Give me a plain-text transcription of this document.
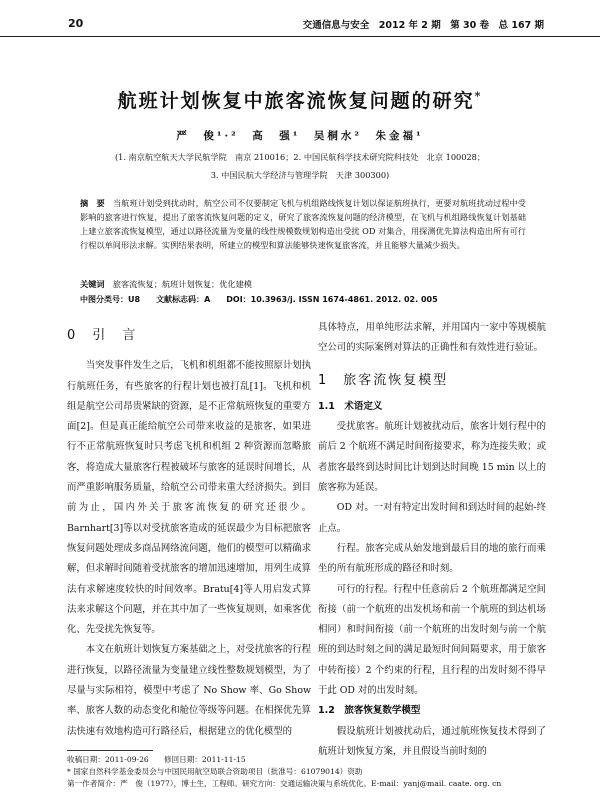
20	交通信息与安全　2012 年 2 期　第 30 卷　总 167 期
航班计划恢复中旅客流恢复问题的研究*
严　俊¹·²　高　强¹　吴桐水²　朱金福¹
(1. 南京航空航天大学民航学院　南京 210016；2. 中国民航科学技术研究院科技处　北京 100028；
3. 中国民航大学经济与管理学院　天津 300300)
摘　要　 当航班计划受到扰动时，航空公司不仅要制定飞机与机组路线恢复计划以保证航班执行，更要对航班扰动过程中受影响的旅客进行恢复，提出了旅客流恢复问题的定义，研究了旅客流恢复问题的经济模型，在飞机与机组路线恢复计划基础上建立旅客流恢复模型，通过以路径流量为变量的线性规模数规划构造出受扰 OD 对集合，用探测优先算法构造出所有可行行程以单间形法求解。实例结果表明，所建立的模型和算法能够快速恢复旅客流，并且能够大量减少损失。
关键词　 旅客流恢复；航班计划恢复；优化建模
中图分类号：U8　　 文献标志码：A　　 DOI：10.3963/j. ISSN 1674-4861. 2012. 02. 005
0　引　言

当突发事件发生之后，飞机和机组都不能按照原计划执行航班任务，有些旅客的行程计划也被打乱[1]。飞机和机组是航空公司昂贵紧缺的资源，是不正常航班恢复的重要方面[2]。但是真正能给航空公司带来收益的是旅客，如果进行不正常航班恢复时只考虑飞机和机组 2 种资源而忽略旅客，将造成大量旅客行程被破坏与旅客的延误时间增长，从而严重影响服务质量，给航空公司带来重大经济损失。到目前为止，国内外关于旅客流恢复的研究还很少。Barnhart[3]等以对受扰旅客造成的延误最少为目标把旅客恢复问题处理成多商品网络流问题，他们的模型可以精确求解，但求解时间随着受扰旅客的增加迅速增加，用列生成算法有求解速度较快的时间效率。Bratu[4]等人用启发式算法来求解这个问题，并在其中加了一些恢复规则，如乘客优化、先受扰先恢复等。

本文在航班计划恢复方案基础之上，对受扰旅客的行程进行恢复，以路径流量为变量建立线性整数规划模型，为了尽量与实际相符，模型中考虑了 No Show 率、Go Show 率、旅客人数的动态变化和舱位等级等问题。在相探优先算法快速有效地构造可行路径后，根据建立的优化模型的

具体特点，用单纯形法求解，并用国内一家中等规模航空公司的实际案例对算法的正确性和有效性进行验证。
1　旅客流恢复模型
1.1　术语定义

受扰旅客。航班计划被扰动后，旅客计划行程中的前后 2 个航班不满足时间衔接要求，称为连接失败；或者旅客最终到达时间比计划到达时间晚 15 min 以上的旅客称为延误。

OD 对。一对有特定出发时间和到达时间的起始-终止点。

行程。旅客完成从始发地到最后目的地的旅行而乘坐的所有航班形成的路径和时刻。

可行的行程。行程中任意前后 2 个航班都满足空间衔接（前一个航班的出发机场和前一个航班的到达机场相同）和时间衔接（前一个航班的出发时刻与前一个航班的到达时刻之间的满足最短时间间隔要求，用于旅客中转衔接）2 个约束的行程，且行程的出发时刻不得早于此 OD 对的出发时刻。

1.2　旅客恢复数学模型

假设航班计划被扰动后，通过航班恢复技术得到了航班计划恢复方案，并且假设当前时刻的

收稿日期：2011-09-26　　修回日期：2011-11-15
* 国家自然科学基金委员会与中国民用航空局联合资助项目（批准号：61079014）资助
第一作者简介：严　俊（1977），博士生，工程师。研究方向：交通运输决策与系统优化。E-mail：yanj@mail. caate. org. cn
